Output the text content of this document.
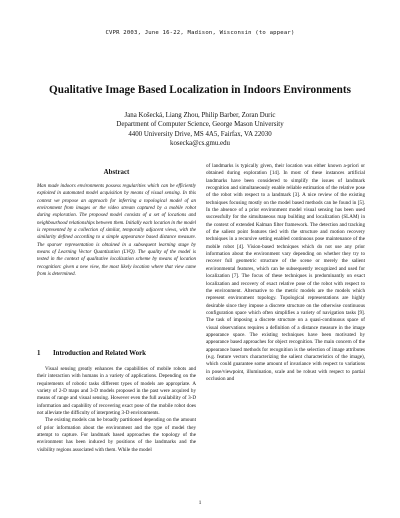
CVPR 2003, June 16-22, Madison, Wisconsin (to appear)
Qualitative Image Based Localization in Indoors Environments
Jana Košecká, Liang Zhou, Philip Barber, Zoran Duric
Department of Computer Science, George Mason University
4400 University Drive, MS 4A5, Fairfax, VA 22030
kosecka@cs.gmu.edu
Abstract
Man made indoors environments possess regularities which can be efficiently exploited in automated model acquisition by means of visual sensing. In this context we propose an approach for inferring a topological model of an environment from images or the video stream captured by a mobile robot during exploration. The proposed model consists of a set of locations and neighbourhood relationships between them. Initially each location in the model is represented by a collection of similar, temporally adjacent views, with the similarity defined according to a simple appearance based distance measure. The sparser representation is obtained in a subsequent learning stage by means of Learning Vector Quantization (LVQ). The quality of the model is tested in the context of qualitative localization scheme by means of location recognition: given a new view, the most likely location where that view came from is determined.
1 Introduction and Related Work

Visual sensing greatly enhances the capabilities of mobile robots and their interaction with humans in a variety of applications. Depending on the requirements of robotic tasks different types of models are appropriate. A variety of 2-D maps and 3-D models proposed in the past were acquired by means of range and visual sensing. However even the full availability of 3-D information and capability of recovering exact pose of the mobile robot does not alleviate the difficulty of interpreting 3-D environments.

The existing models can be broadly partitioned depending on the amount of prior information about the environment and the type of model they attempt to capture. For landmark based approaches the topology of the environment has been induced by positions of the landmarks and the visibility regions associated with them. While the model

of landmarks is typically given, their location was either known a-priori or obtained during exploration [14]. In most of these instances artificial landmarks have been considered to simplify the issues of landmark recognition and simultaneously enable reliable estimation of the relative pose of the robot with respect to a landmark [3]. A nice review of the existing techniques focusing mostly on the model based methods can be found in [5]. In the absence of a prior environment model visual sensing has been used successfully for the simultaneous map building and localization (SLAM) in the context of extended Kalman filter framework. The detection and tracking of the salient point features tied with the structure and motion recovery techniques in a recursive setting enabled continuous pose maintenance of the mobile robot [4]. Vision-based techniques which do not use any prior information about the environment vary depending on whether they try to recover full geometric structure of the scene or merely the salient environmental features, which can be subsequently recognized and used for localization [7]. The focus of these techniques is predominantly on exact localization and recovery of exact relative pose of the robot with respect to the environment. Alternative to the metric models are the models which represent environment topology. Topological representations are highly desirable since they impose a discrete structure on the otherwise continuous configuration space which often simplifies a variety of navigation tasks [9]. The task of imposing a discrete structure on a quasi-continuous space of visual observations requires a definition of a distance measure in the image appearance space. The existing techniques have been motivated by appearance based approaches for object recognition. The main concern of the appearance based methods for recognition is the selection of image attributes (e.g. feature vectors characterizing the salient characteristics of the image), which could guarantee some amount of invariance with respect to variations in pose/viewpoint, illumination, scale and be robust with respect to partial occlusion and

1
